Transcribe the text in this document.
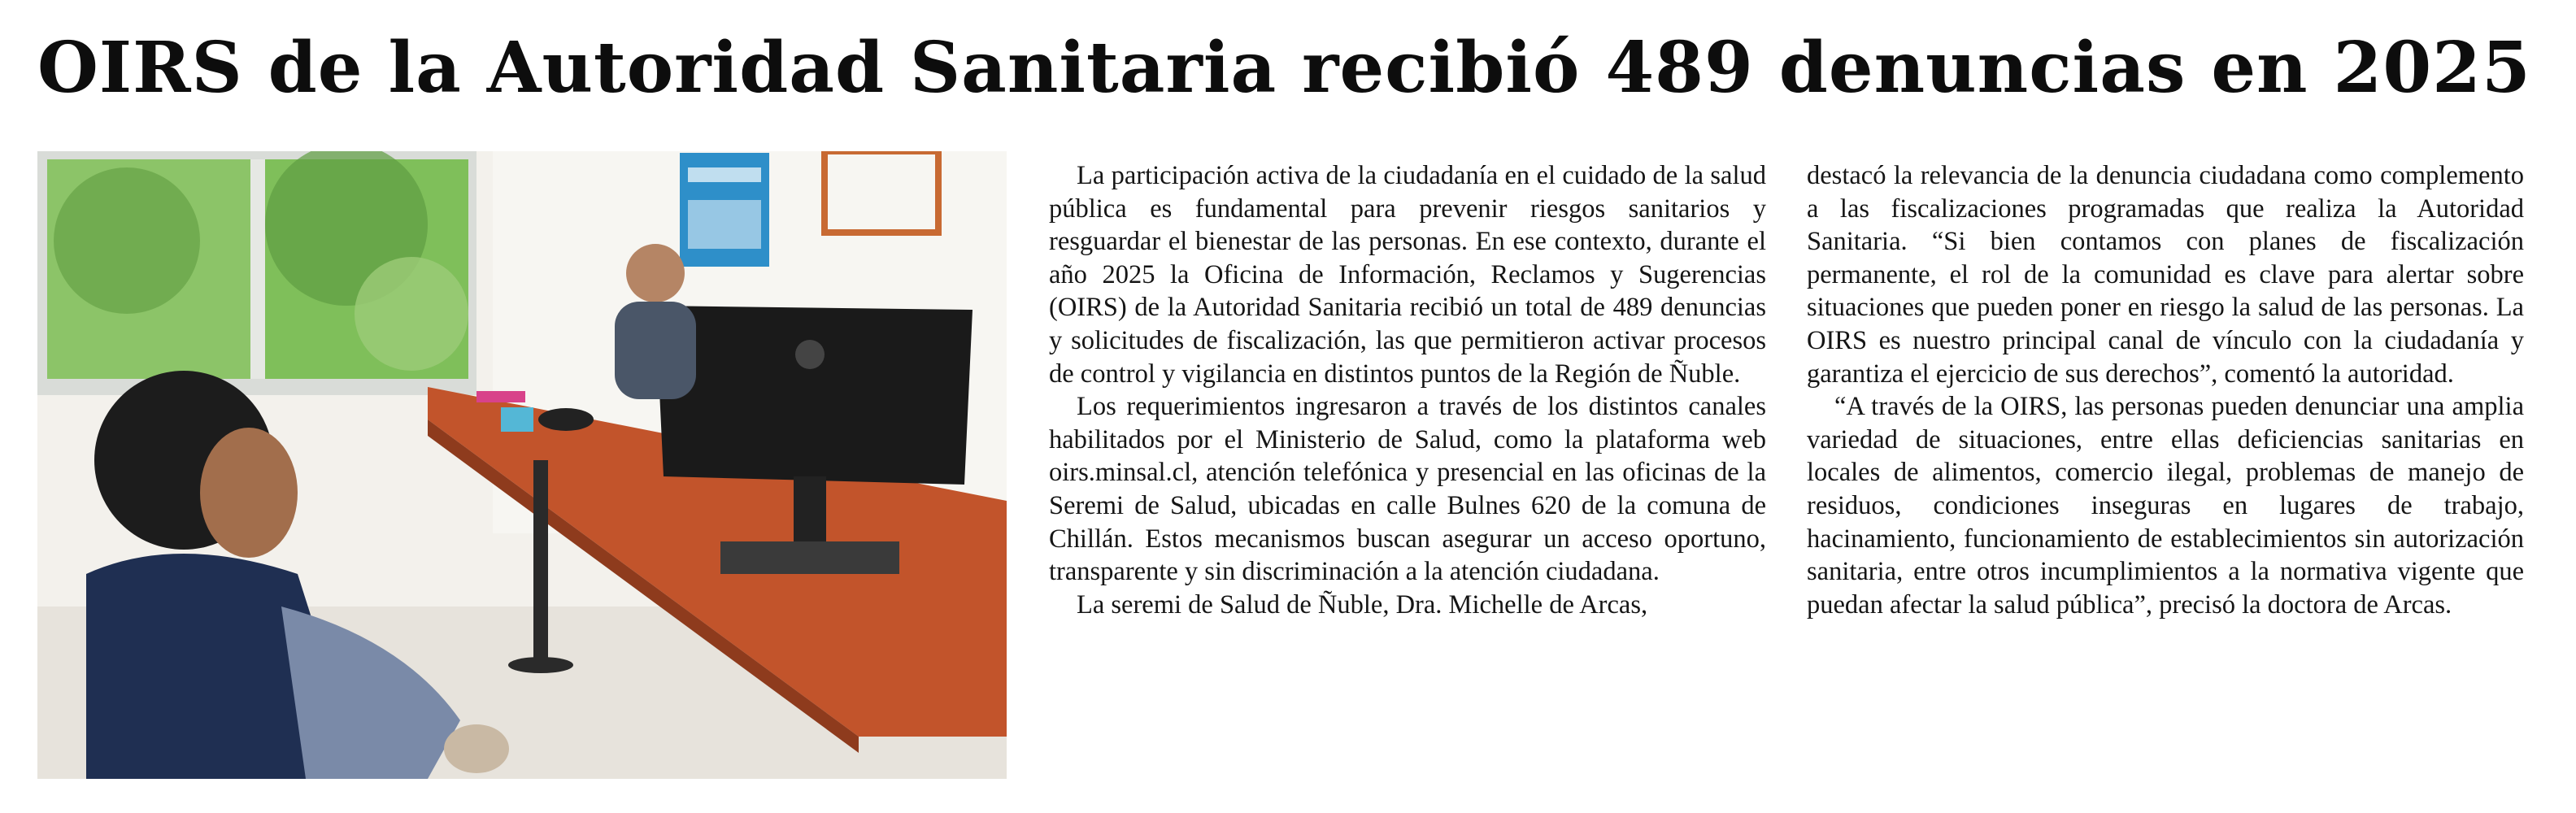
OIRS de la Autoridad Sanitaria recibió 489 denuncias en 2025

La participación activa de la ciudadanía en el cuidado de la salud pública es fundamental para prevenir riesgos sanitarios y resguardar el bienestar de las personas. En ese contexto, durante el año 2025 la Oficina de Información, Reclamos y Sugerencias (OIRS) de la Autoridad Sanitaria recibió un total de 489 denuncias y solicitudes de fiscalización, las que permitieron activar procesos de control y vigilancia en distintos puntos de la Región de Ñuble.

Los requerimientos ingresaron a través de los distintos canales habilitados por el Ministerio de Salud, como la plataforma web oirs.minsal.cl, atención telefónica y presencial en las oficinas de la Seremi de Salud, ubicadas en calle Bulnes 620 de la comuna de Chillán. Estos mecanismos buscan asegurar un acceso oportuno, transparente y sin discriminación a la atención ciudadana.

La seremi de Salud de Ñuble, Dra. Michelle de Arcas,

destacó la relevancia de la denuncia ciudadana como complemento a las fiscalizaciones programadas que realiza la Autoridad Sanitaria. “Si bien contamos con planes de fiscalización permanente, el rol de la comunidad es clave para alertar sobre situaciones que pueden poner en riesgo la salud de las personas. La OIRS es nuestro principal canal de vínculo con la ciudadanía y garantiza el ejercicio de sus derechos”, comentó la autoridad.

“A través de la OIRS, las personas pueden denunciar una amplia variedad de situaciones, entre ellas deficiencias sanitarias en locales de alimentos, comercio ilegal, problemas de manejo de residuos, condiciones inseguras en lugares de trabajo, hacinamiento, funcionamiento de establecimientos sin autorización sanitaria, entre otros incumplimientos a la normativa vigente que puedan afectar la salud pública”, precisó la doctora de Arcas.
